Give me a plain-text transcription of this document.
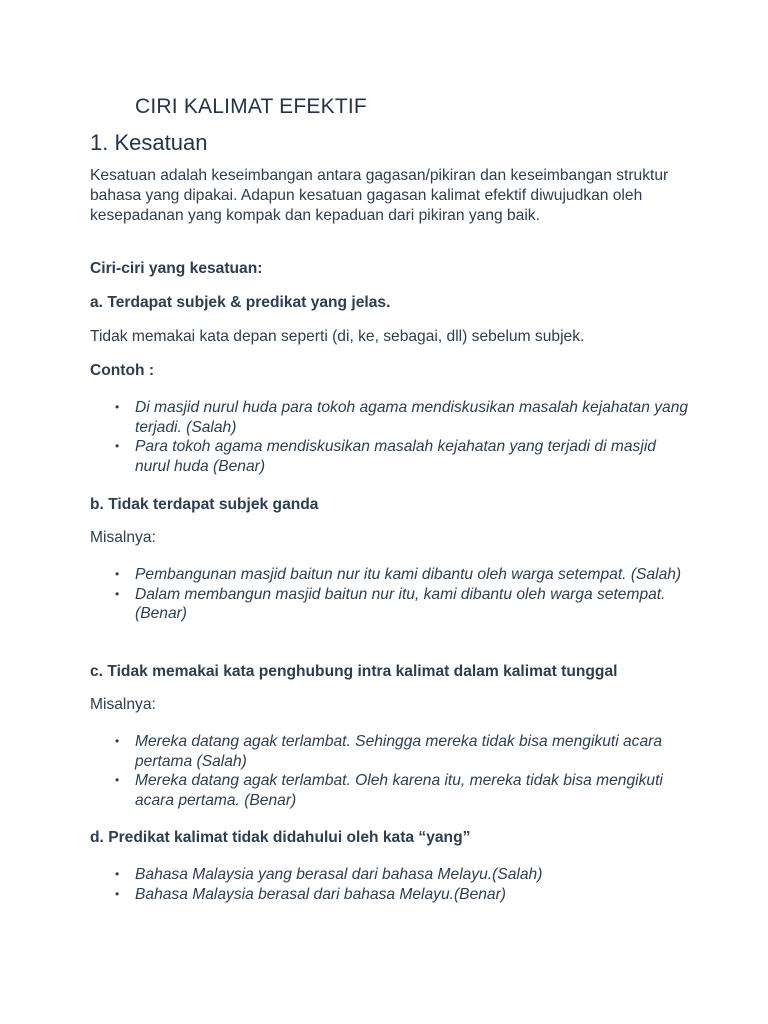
CIRI KALIMAT EFEKTIF
1. Kesatuan

Kesatuan adalah keseimbangan antara gagasan/pikiran dan keseimbangan struktur bahasa yang dipakai. Adapun kesatuan gagasan kalimat efektif diwujudkan oleh kesepadanan yang kompak dan kepaduan dari pikiran yang baik.

Ciri-ciri yang kesatuan:

a. Terdapat subjek & predikat yang jelas.

Tidak memakai kata depan seperti (di, ke, sebagai, dll) sebelum subjek.

Contoh :

• Di masjid nurul huda para tokoh agama mendiskusikan masalah kejahatan yang terjadi. (Salah)
• Para tokoh agama mendiskusikan masalah kejahatan yang terjadi di masjid nurul huda (Benar)

b. Tidak terdapat subjek ganda

Misalnya:

• Pembangunan masjid baitun nur itu kami dibantu oleh warga setempat. (Salah)
• Dalam membangun masjid baitun nur itu, kami dibantu oleh warga setempat. (Benar)

c. Tidak memakai kata penghubung intra kalimat dalam kalimat tunggal

Misalnya:

• Mereka datang agak terlambat. Sehingga mereka tidak bisa mengikuti acara pertama (Salah)
• Mereka datang agak terlambat. Oleh karena itu, mereka tidak bisa mengikuti acara pertama. (Benar)

d. Predikat kalimat tidak didahului oleh kata “yang”

• Bahasa Malaysia yang berasal dari bahasa Melayu.(Salah)
• Bahasa Malaysia berasal dari bahasa Melayu.(Benar)
